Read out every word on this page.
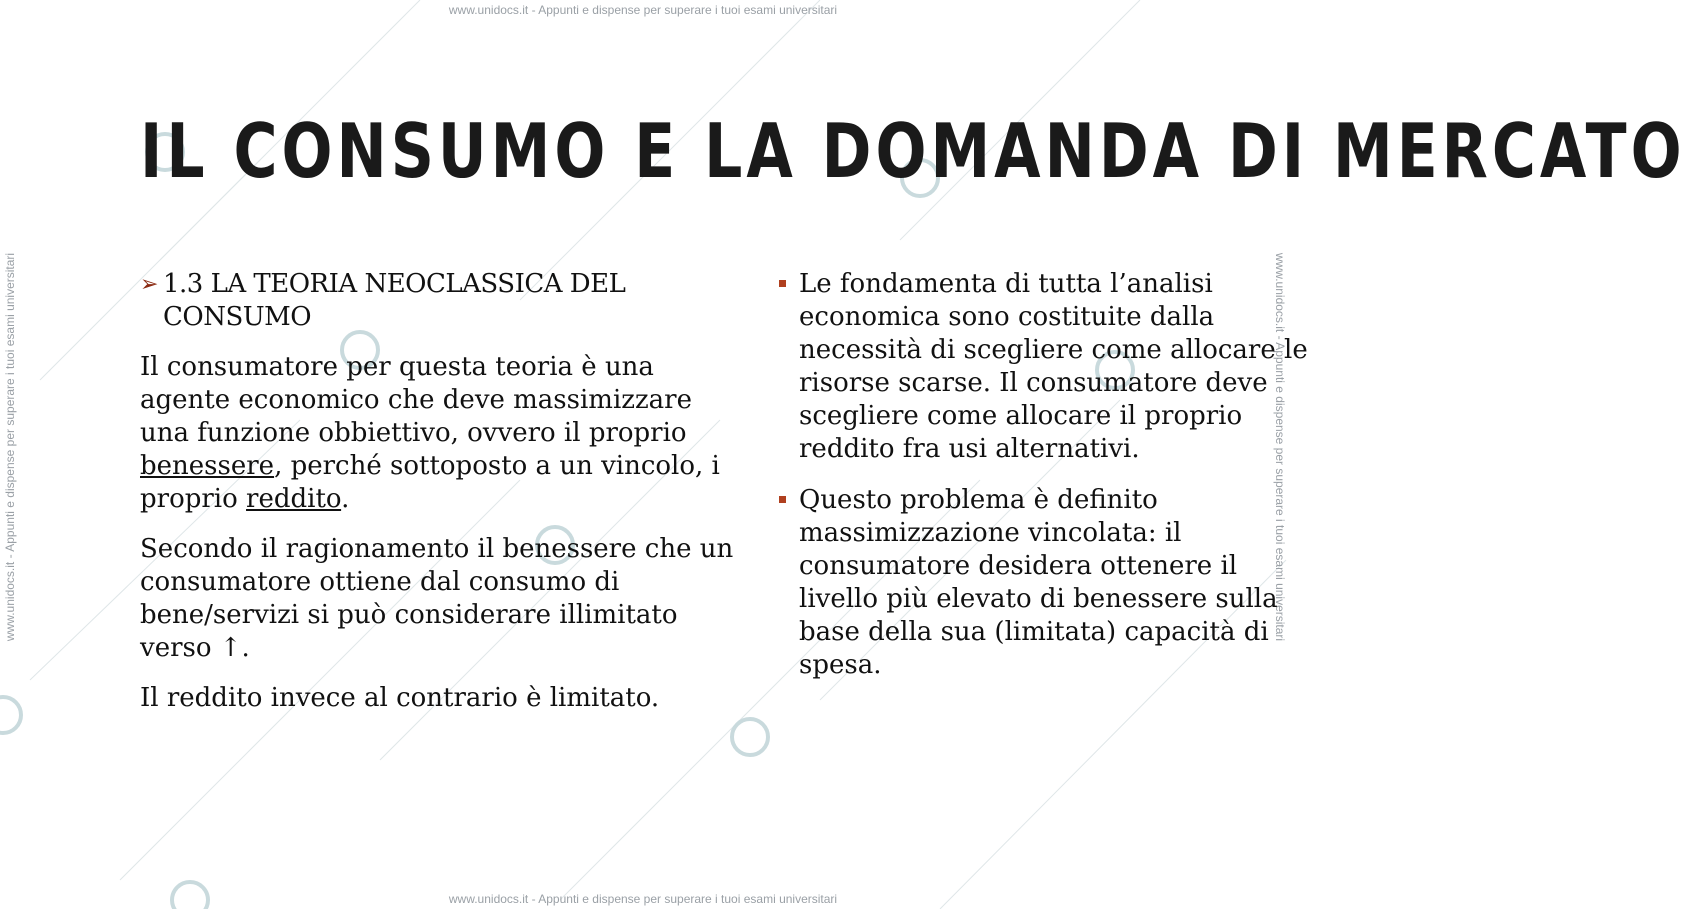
www.unidocs.it - Appunti e dispense per superare i tuoi esami universitari
www.unidocs.it - Appunti e dispense per superare i tuoi esami universitari
www.unidocs.it - Appunti e dispense per superare i tuoi esami universitari	www.unidocs.it - Appunti e dispense per superare i tuoi esami universitari
IL CONSUMO E LA DOMANDA DI MERCATO
➢ 1.3 LA TEORIA NEOCLASSICA DEL CONSUMO
Il consumatore per questa teoria è una agente economico che deve massimizzare una funzione obbiettivo, ovvero il proprio benessere, perché sottoposto a un vincolo, i proprio reddito.
Secondo il ragionamento il benessere che un consumatore ottiene dal consumo di bene/servizi si può considerare illimitato verso ↑.
Il reddito invece al contrario è limitato.
Le fondamenta di tutta l’analisi economica sono costituite dalla necessità di scegliere come allocare le risorse scarse. Il consumatore deve scegliere come allocare il proprio reddito fra usi alternativi.
Questo problema è definito massimizzazione vincolata: il consumatore desidera ottenere il livello più elevato di benessere sulla base della sua (limitata) capacità di spesa.
